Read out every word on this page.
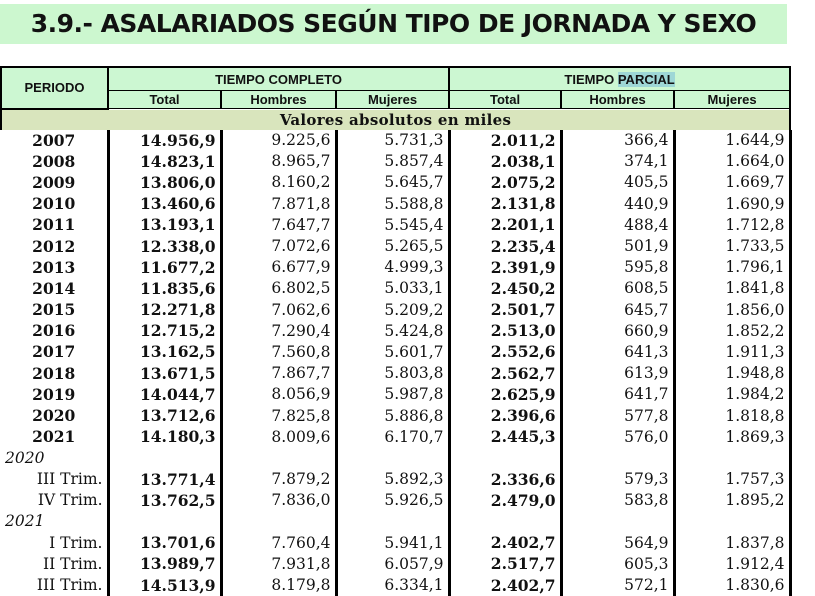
3.9.- ASALARIADOS SEGÚN TIPO DE JORNADA Y SEXO
PERIODO	TIEMPO COMPLETO			TIEMPO PARCIAL		
	Total	Hombres	Mujeres	Total	Hombres	Mujeres
Valores absolutos en miles						
2007	14.956,9	9.225,6	5.731,3	2.011,2	366,4	1.644,9
2008	14.823,1	8.965,7	5.857,4	2.038,1	374,1	1.664,0
2009	13.806,0	8.160,2	5.645,7	2.075,2	405,5	1.669,7
2010	13.460,6	7.871,8	5.588,8	2.131,8	440,9	1.690,9
2011	13.193,1	7.647,7	5.545,4	2.201,1	488,4	1.712,8
2012	12.338,0	7.072,6	5.265,5	2.235,4	501,9	1.733,5
2013	11.677,2	6.677,9	4.999,3	2.391,9	595,8	1.796,1
2014	11.835,6	6.802,5	5.033,1	2.450,2	608,5	1.841,8
2015	12.271,8	7.062,6	5.209,2	2.501,7	645,7	1.856,0
2016	12.715,2	7.290,4	5.424,8	2.513,0	660,9	1.852,2
2017	13.162,5	7.560,8	5.601,7	2.552,6	641,3	1.911,3
2018	13.671,5	7.867,7	5.803,8	2.562,7	613,9	1.948,8
2019	14.044,7	8.056,9	5.987,8	2.625,9	641,7	1.984,2
2020	13.712,6	7.825,8	5.886,8	2.396,6	577,8	1.818,8
2021	14.180,3	8.009,6	6.170,7	2.445,3	576,0	1.869,3
2020						
III Trim.	13.771,4	7.879,2	5.892,3	2.336,6	579,3	1.757,3
IV Trim.	13.762,5	7.836,0	5.926,5	2.479,0	583,8	1.895,2
2021						
I Trim.	13.701,6	7.760,4	5.941,1	2.402,7	564,9	1.837,8
II Trim.	13.989,7	7.931,8	6.057,9	2.517,7	605,3	1.912,4
III Trim.	14.513,9	8.179,8	6.334,1	2.402,7	572,1	1.830,6
